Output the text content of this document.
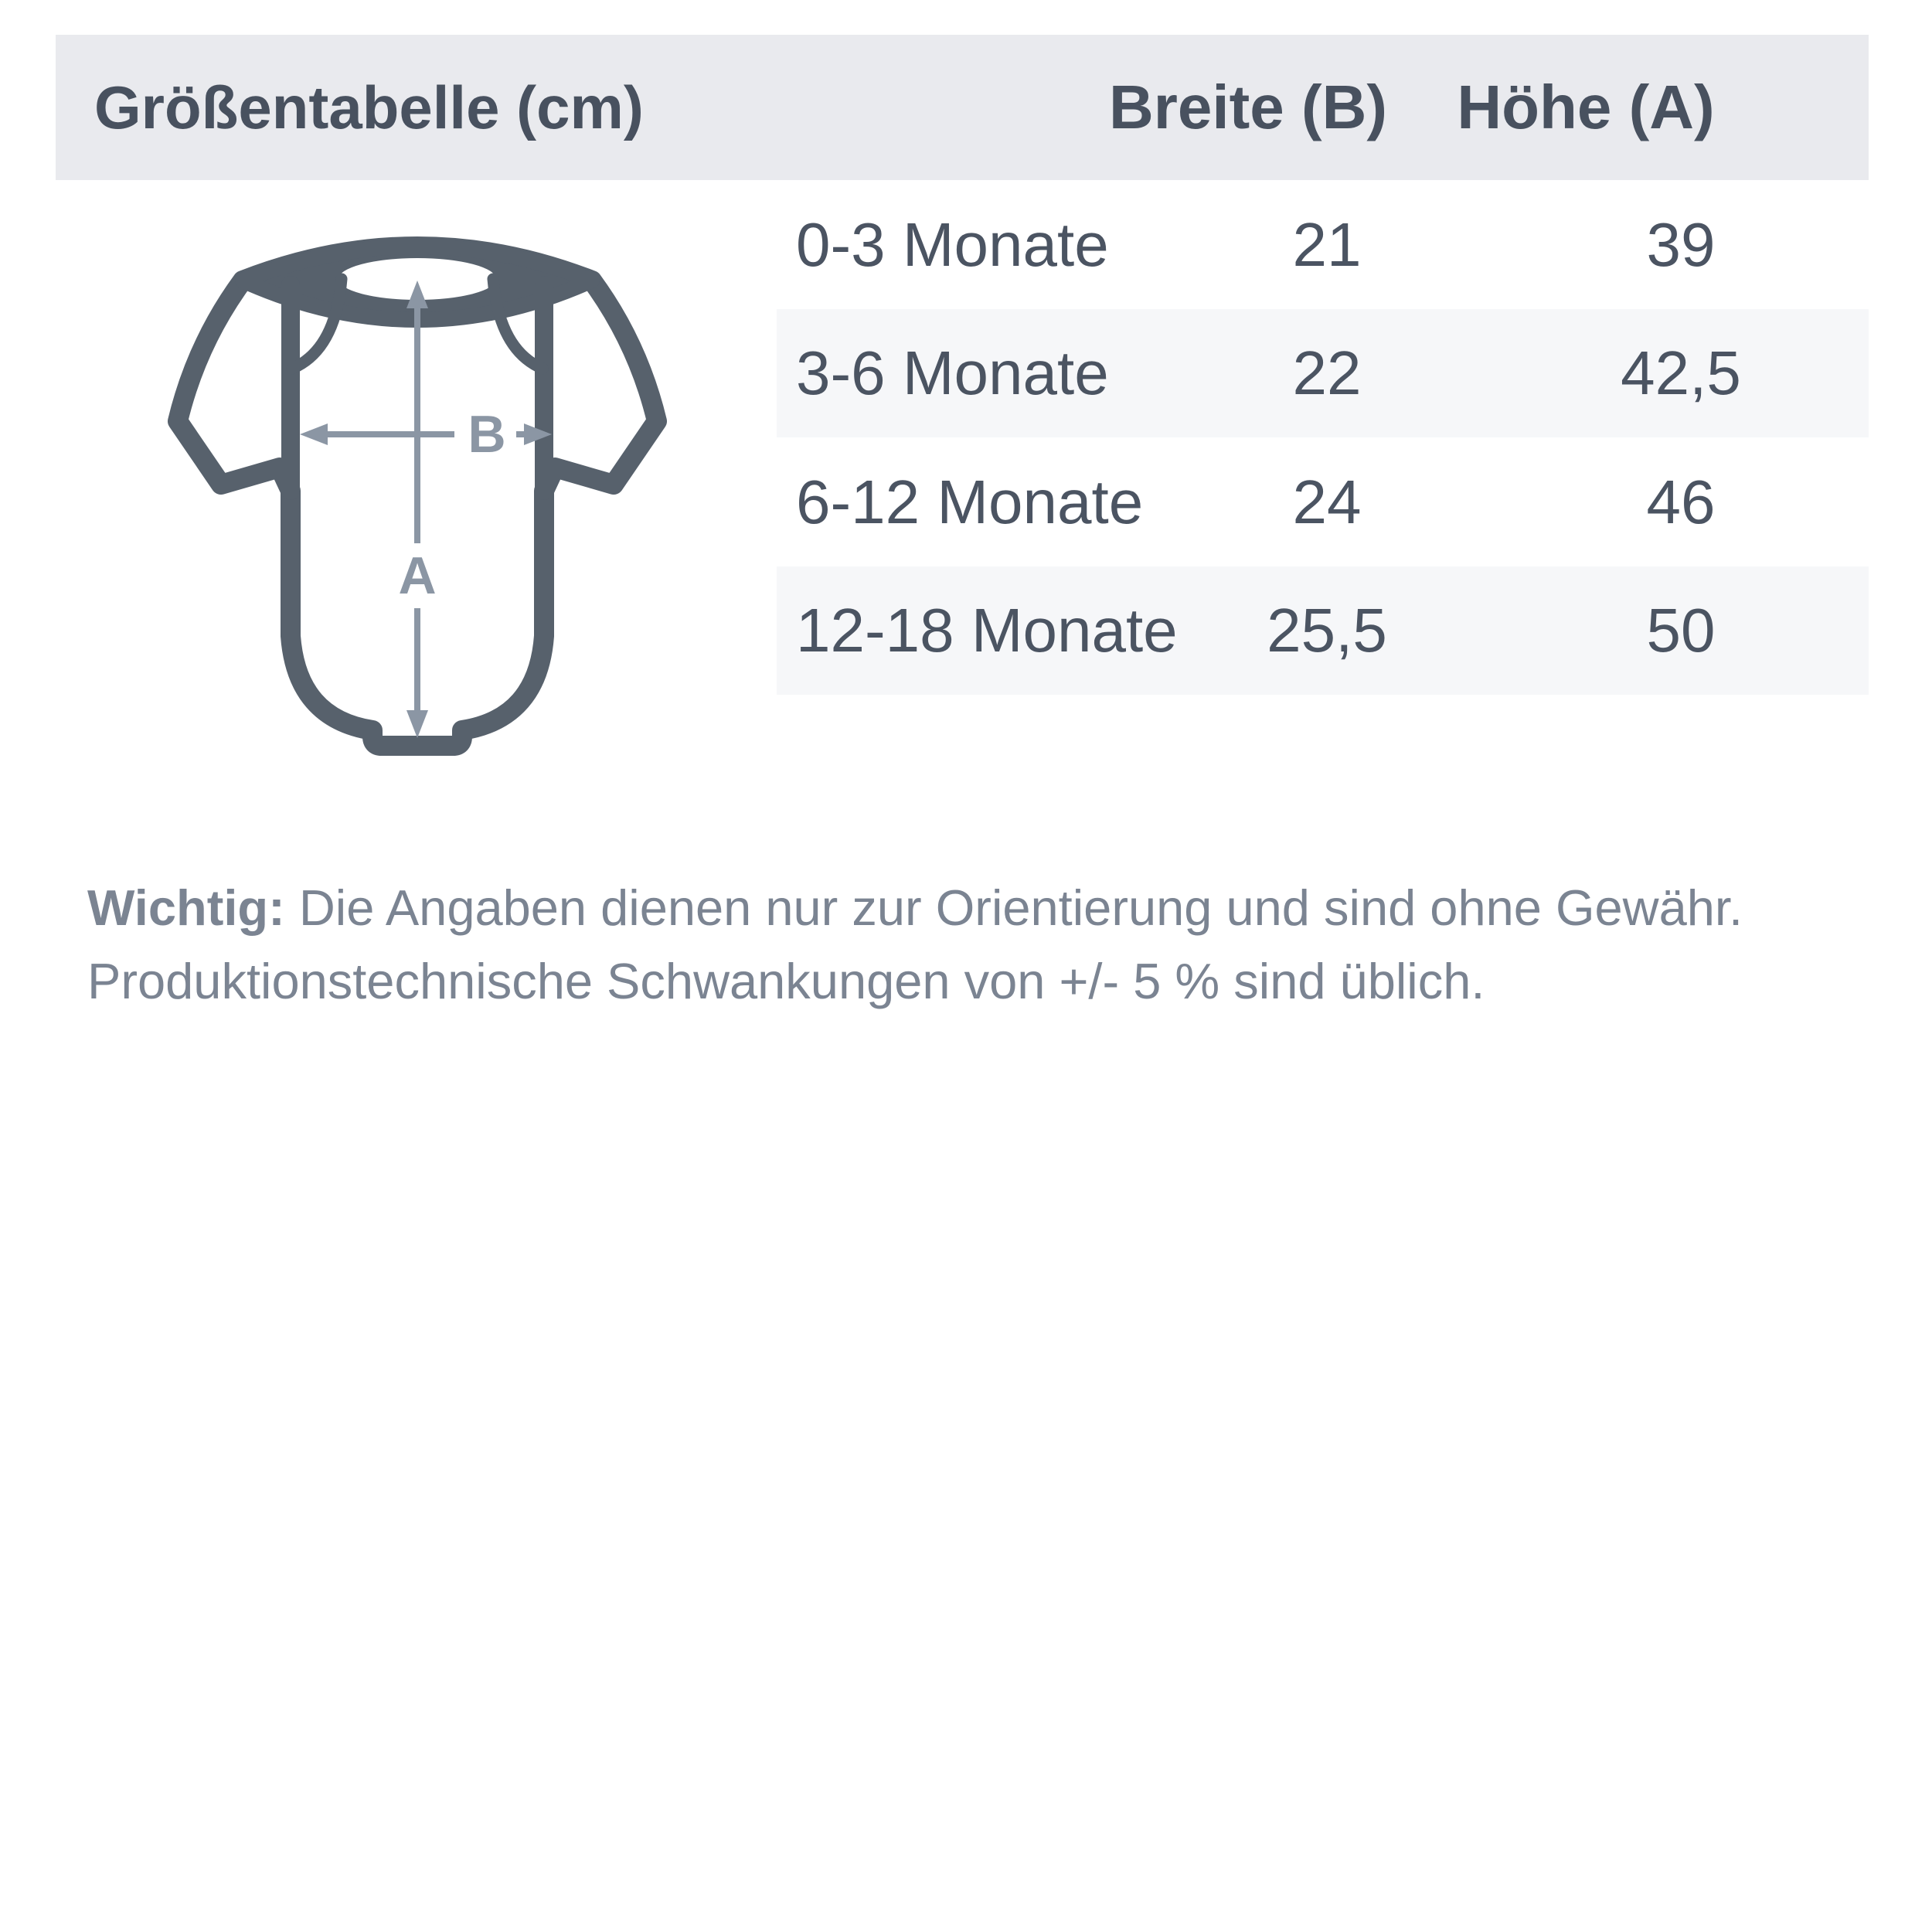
Größentabelle (cm)	Breite (B) Höhe (A)
0-3 Monate	21	39
3-6 Monate	22	42,5
6-12 Monate 24	46
12-18 Monate 25,5	50
A
B

Wichtig: Die Angaben dienen nur zur Orientierung und sind ohne Gewähr.
Produktionstechnische Schwankungen von +/- 5 % sind üblich.
